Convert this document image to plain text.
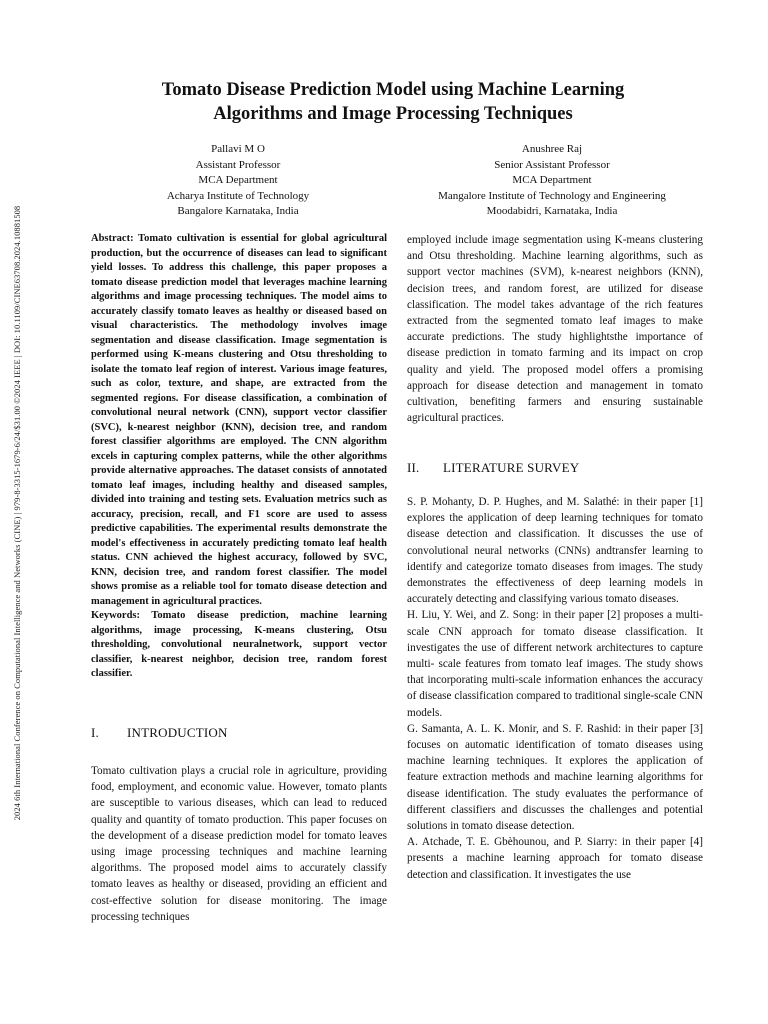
2024 6th International Conference on Computational Intelligence and Networks (CINE) | 979-8-3315-1679-6/24/$31.00 ©2024 IEEE | DOI: 10.1109/CINE63708.2024.10881508
Tomato Disease Prediction Model using Machine Learning
Algorithms and Image Processing Techniques
Pallavi M O
Assistant Professor
MCA Department
Acharya Institute of Technology
Bangalore Karnataka, India
Anushree Raj
Senior Assistant Professor
MCA Department
Mangalore Institute of Technology and Engineering
Moodabidri, Karnataka, India

Abstract: Tomato cultivation is essential for global agricultural production, but the occurrence of diseases can lead to significant yield losses. To address this challenge, this paper proposes a tomato disease prediction model that leverages machine learning algorithms and image processing techniques. The model aims to accurately classify tomato leaves as healthy or diseased based on visual characteristics. The methodology involves image segmentation and disease classification. Image segmentation is performed using K-means clustering and Otsu thresholding to isolate the tomato leaf region of interest. Various image features, such as color, texture, and shape, are extracted from the segmented regions. For disease classification, a combination of convolutional neural network (CNN), support vector classifier (SVC), k-nearest neighbor (KNN), decision tree, and random forest classifier algorithms are employed. The CNN algorithm excels in capturing complex patterns, while the other algorithms provide alternative approaches. The dataset consists of annotated tomato leaf images, including healthy and diseased samples, divided into training and testing sets. Evaluation metrics such as accuracy, precision, recall, and F1 score are used to assess predictive capabilities. The experimental results demonstrate the model's effectiveness in accurately predicting tomato leaf health status. CNN achieved the highest accuracy, followed by SVC, KNN, decision tree, and random forest classifier. The model shows promise as a reliable tool for tomato disease detection and management in agricultural practices.

Keywords: Tomato disease prediction, machine learning algorithms, image processing, K-means clustering, Otsu thresholding, convolutional neuralnetwork, support vector classifier, k-nearest neighbor, decision tree, random forest classifier.

I.	INTRODUCTION

Tomato cultivation plays a crucial role in agriculture, providing food, employment, and economic value. However, tomato plants are susceptible to various diseases, which can lead to reduced quality and quantity of tomato production. This paper focuses on the development of a disease prediction model for tomato leaves using image processing techniques and machine learning algorithms. The proposed model aims to accurately classify tomato leaves as healthy or diseased, providing an efficient and cost-effective solution for disease monitoring. The image processing techniques

employed include image segmentation using K-means clustering and Otsu thresholding. Machine learning algorithms, such as support vector machines (SVM), k-nearest neighbors (KNN), decision trees, and random forest, are utilized for disease classification. The model takes advantage of the rich features extracted from the segmented tomato leaf images to make accurate predictions. The study highlightsthe importance of disease prediction in tomato farming and its impact on crop quality and yield. The proposed model offers a promising approach for disease detection and management in tomato cultivation, benefiting farmers and ensuring sustainable agricultural practices.

II.	LITERATURE SURVEY

S. P. Mohanty, D. P. Hughes, and M. Salathé: in their paper [1] explores the application of deep learning techniques for tomato disease detection and classification. It discusses the use of convolutional neural networks (CNNs) andtransfer learning to identify and categorize tomato diseases from images. The study demonstrates the effectiveness of deep learning models in accurately detecting and classifying various tomato diseases.

H. Liu, Y. Wei, and Z. Song: in their paper [2] proposes a multi-scale CNN approach for tomato disease classification. It investigates the use of different network architectures to capture multi- scale features from tomato leaf images. The study shows that incorporating multi-scale information enhances the accuracy of disease classification compared to traditional single-scale CNN models.

G. Samanta, A. L. K. Monir, and S. F. Rashid: in their paper [3] focuses on automatic identification of tomato diseases using machine learning techniques. It explores the application of feature extraction methods and machine learning algorithms for disease identification. The study evaluates the performance of different classifiers and discusses the challenges and potential solutions in tomato disease detection.

A. Atchade, T. E. Gbèhounou, and P. Siarry: in their paper [4] presents a machine learning approach for tomato disease detection and classification. It investigates the use
